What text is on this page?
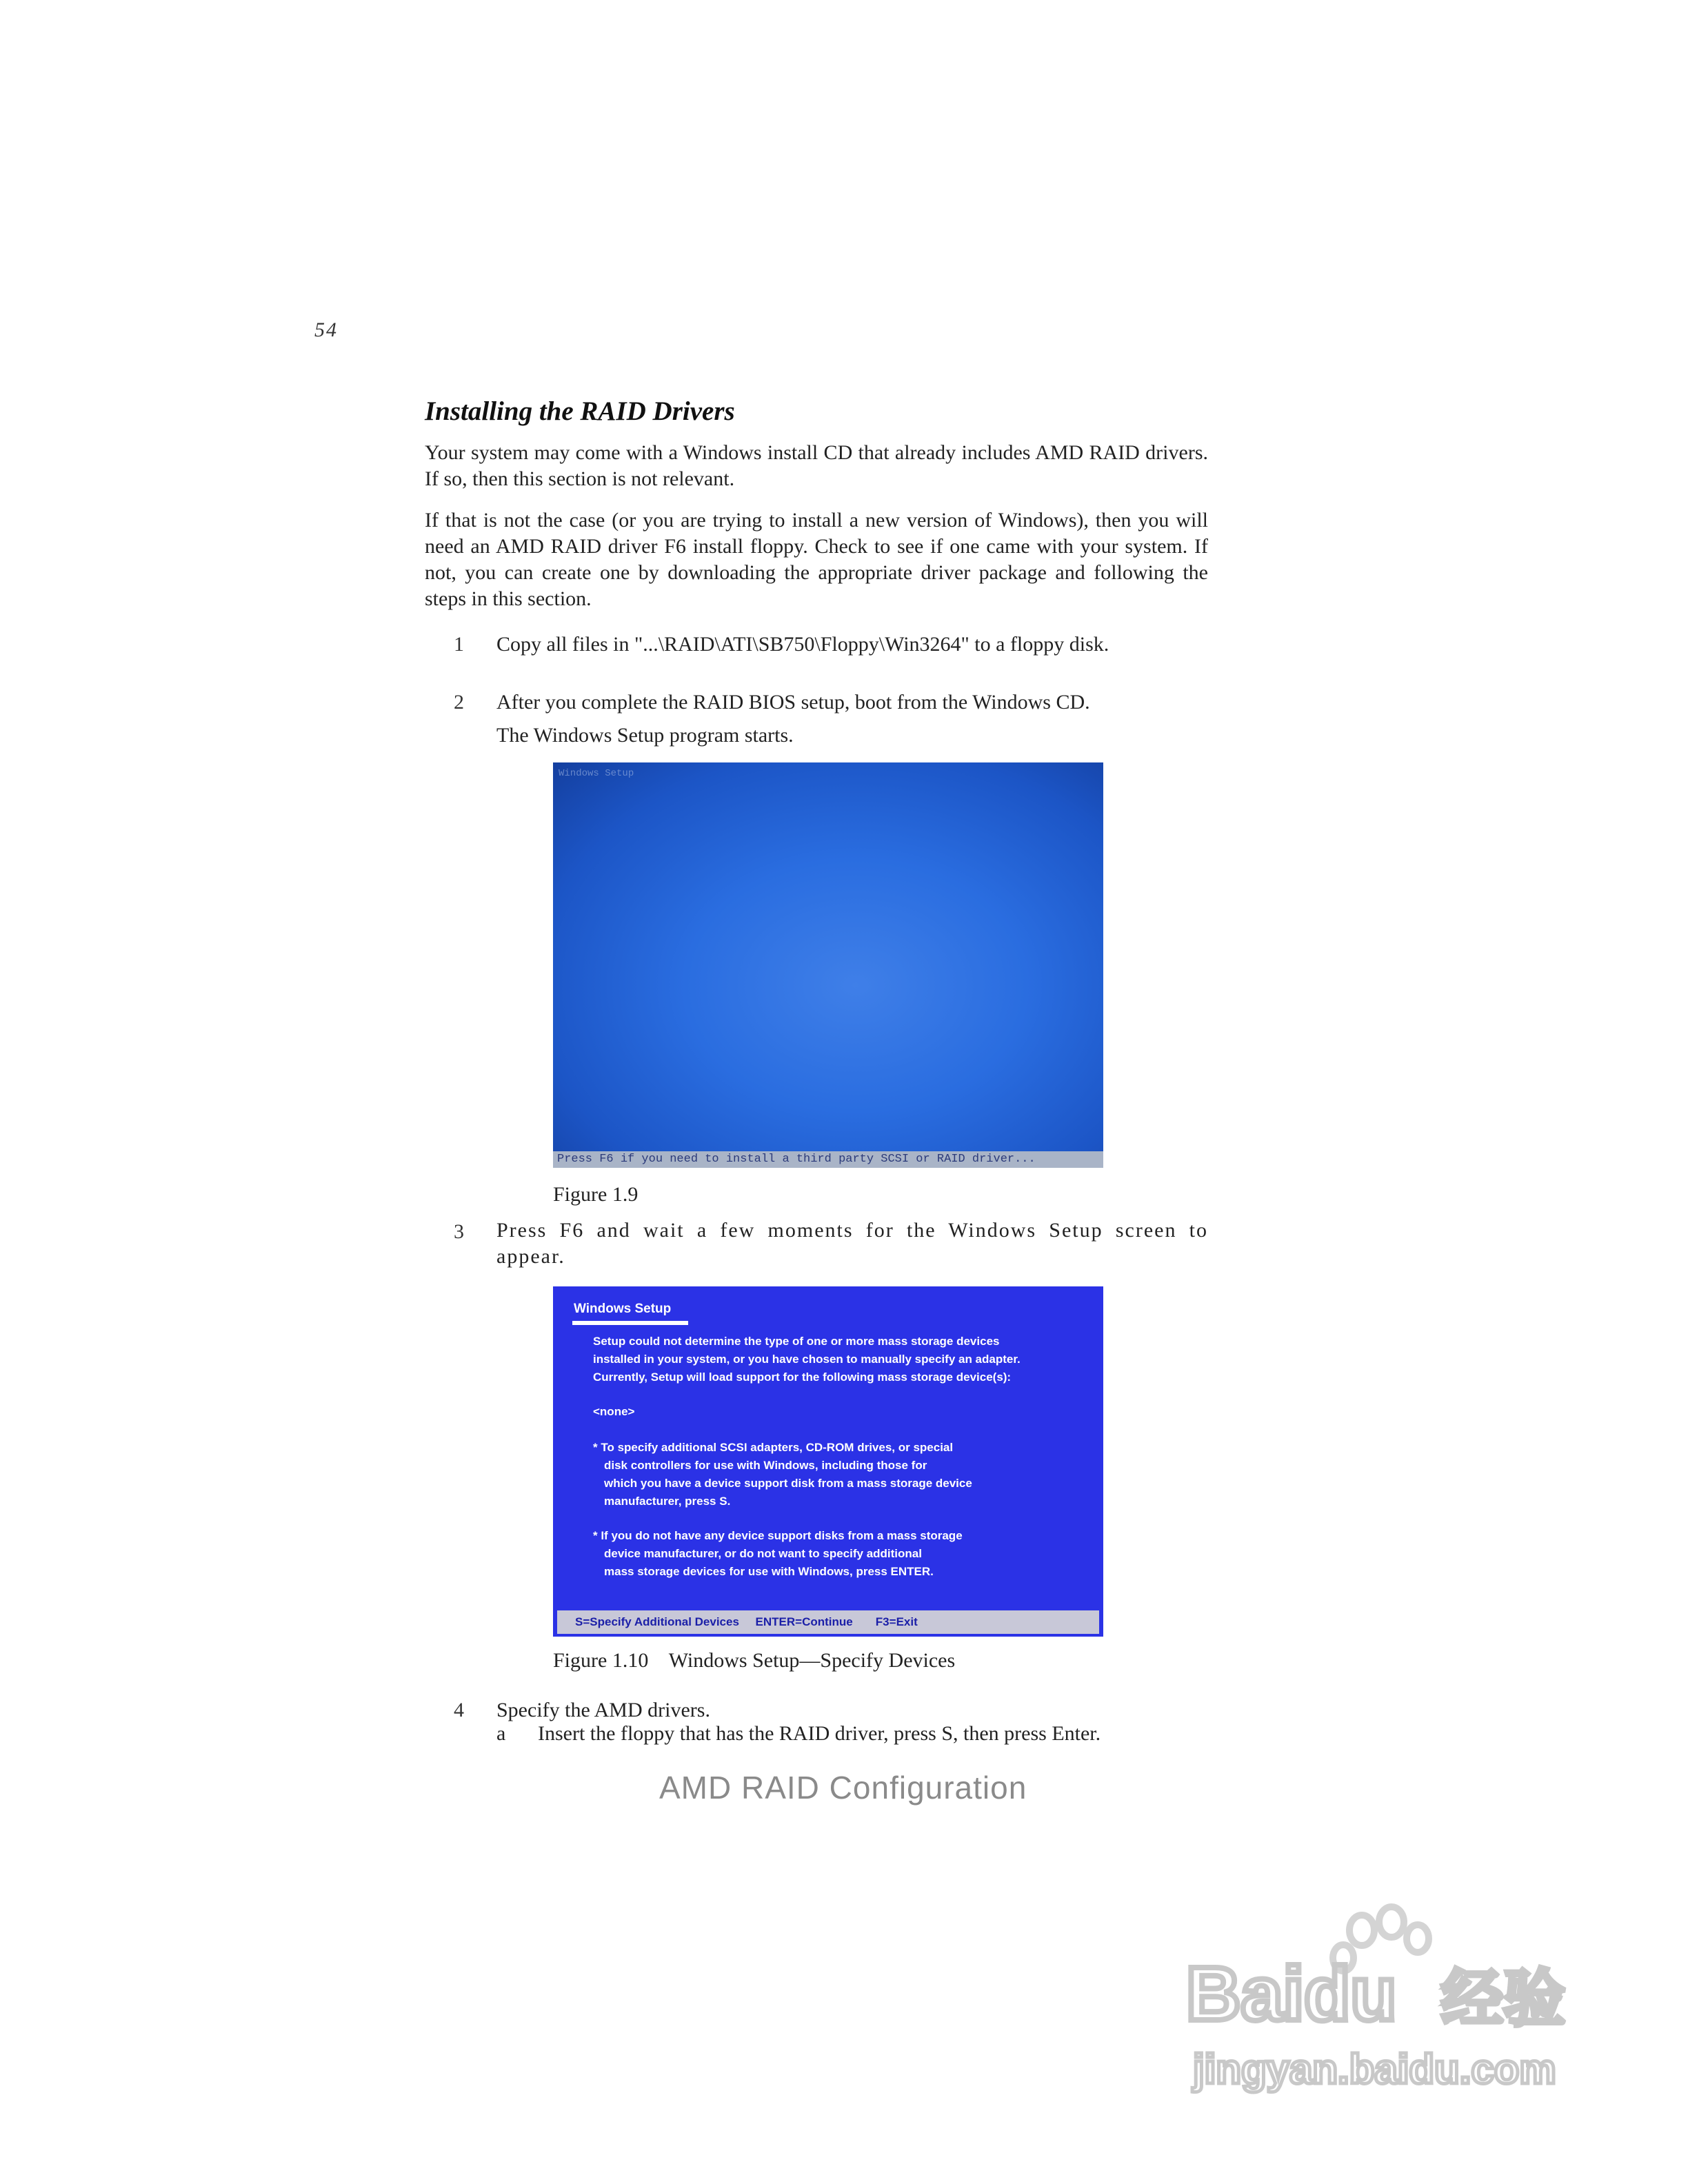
54
Installing the RAID Drivers
Your system may come with a Windows install CD that already includes AMD RAID drivers. If so, then this section is not relevant.
If that is not the case (or you are trying to install a new version of Windows), then you will need an AMD RAID driver F6 install floppy. Check to see if one came with your system. If not, you can create one by downloading the appropriate driver package and following the steps in this section.
1 Copy all files in "...\RAID\ATI\SB750\Floppy\Win3264" to a floppy disk.
2 After you complete the RAID BIOS setup, boot from the Windows CD.
The Windows Setup program starts.
Windows Setup
Press F6 if you need to install a third party SCSI or RAID driver...
Figure 1.9
3 Press F6 and wait a few moments for the Windows Setup screen to appear.
Windows Setup
Setup could not determine the type of one or more mass storage devices
installed in your system, or you have chosen to manually specify an adapter.
Currently, Setup will load support for the following mass storage device(s):
<none>
* To specify additional SCSI adapters, CD-ROM drives, or special
disk controllers for use with Windows, including those for
which you have a device support disk from a mass storage device
manufacturer, press S.
* If you do not have any device support disks from a mass storage
device manufacturer, or do not want to specify additional
mass storage devices for use with Windows, press ENTER.
S=Specify Additional Devices     ENTER=Continue       F3=Exit
Figure 1.10    Windows Setup—Specify Devices
4 Specify the AMD drivers.
a Insert the floppy that has the RAID driver, press S, then press Enter.
AMD RAID Configuration
Baidu 经验
jingyan.baidu.com
